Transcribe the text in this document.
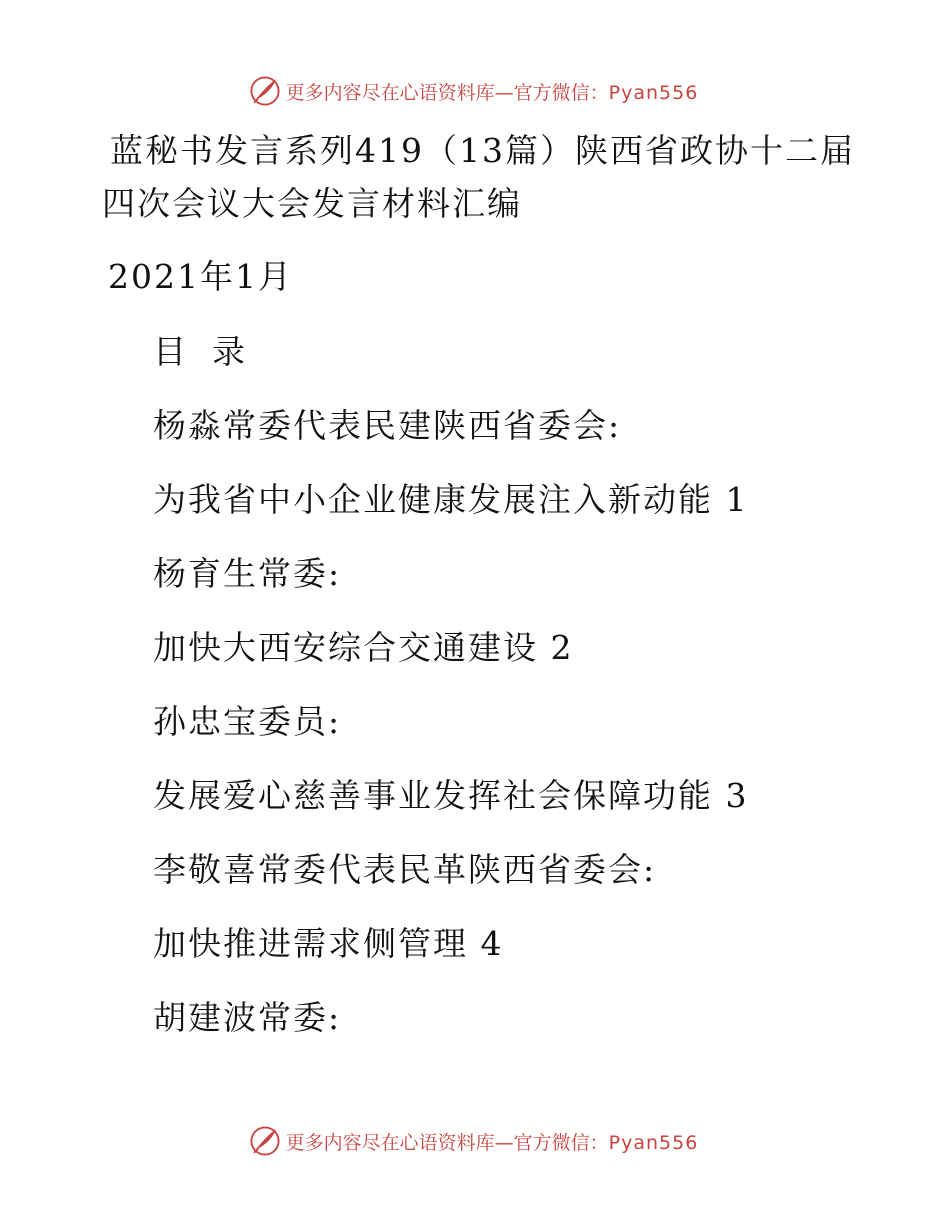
更多内容尽在心语资料库—官方微信：Pyan556
蓝秘书发言系列419（13篇）陕西省政协十二届
四次会议大会发言材料汇编
2021年1月
目 录
杨淼常委代表民建陕西省委会:
为我省中小企业健康发展注入新动能 1
杨育生常委:
加快大西安综合交通建设 2
孙忠宝委员:
发展爱心慈善事业发挥社会保障功能 3
李敬喜常委代表民革陕西省委会:
加快推进需求侧管理 4
胡建波常委:
更多内容尽在心语资料库—官方微信：Pyan556
